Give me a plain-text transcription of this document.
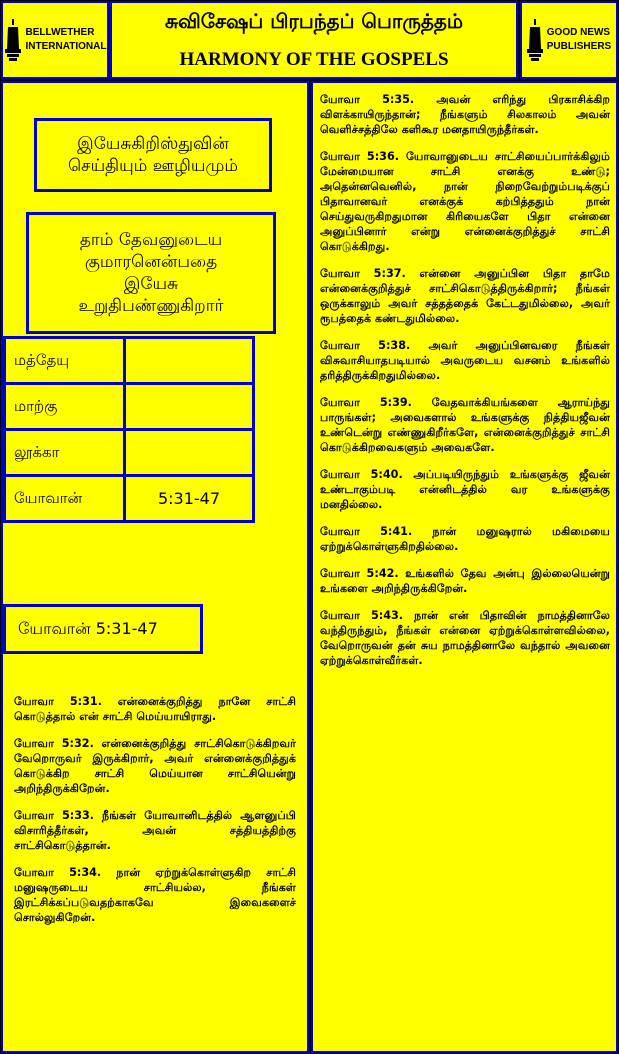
BELLWETHER
INTERNATIONAL
சுவிசேஷப் பிரபந்தப் பொருத்தம்
HARMONY OF THE GOSPELS
GOOD NEWS
PUBLISHERS
இயேசுகிறிஸ்துவின்
செய்தியும் ஊழியமும்
தாம் தேவனுடைய
குமாரனென்பதை
இயேசு
உறுதிபண்ணுகிறார்
மத்தேயு	
மாற்கு	
லூக்கா	
யோவான்	5:31-47
யோவான் 5:31-47

யோவா 5:31. என்னைக்குறித்து நானே சாட்சி கொடுத்தால் என் சாட்சி மெய்யாயிராது.

யோவா 5:32. என்னைக்குறித்து சாட்சிகொடுக்கிறவர் வேறொருவர் இருக்கிறார், அவர் என்னைக்குறித்துக் கொடுக்கிற சாட்சி மெய்யான சாட்சியென்று அறிந்திருக்கிறேன்.

யோவா 5:33. நீங்கள் யோவானிடத்தில் ஆளனுப்பி விசாரித்தீர்கள், அவன் சத்தியத்திற்கு சாட்சிகொடுத்தான்.

யோவா 5:34. நான் ஏற்றுக்கொள்ளுகிற சாட்சி மனுஷருடைய சாட்சியல்ல, நீங்கள் இரட்சிக்கப்படுவதற்காகவே இவைகளைச் சொல்லுகிறேன்.

யோவா 5:35. அவன் எரிந்து பிரகாசிக்கிற விளக்காயிருந்தான்; நீங்களும் சிலகாலம் அவன் வெளிச்சத்திலே களிகூர மனதாயிருந்தீர்கள்.

யோவா 5:36. யோவானுடைய சாட்சியைப்பார்க்கிலும் மேன்மையான சாட்சி எனக்கு உண்டு; அதென்னவெனில், நான் நிறைவேற்றும்படிக்குப் பிதாவானவர் எனக்குக் கற்பித்ததும் நான் செய்துவருகிறதுமான கிரியைகளே பிதா என்னை அனுப்பினார் என்று என்னைக்குறித்துச் சாட்சி கொடுக்கிறது.

யோவா 5:37. என்னை அனுப்பின பிதா தாமே என்னைக்குறித்துச் சாட்சிகொடுத்திருக்கிறார்; நீங்கள் ஒருக்காலும் அவர் சத்தத்தைக் கேட்டதுமில்லை, அவர் ரூபத்தைக் கண்டதுமில்லை.

யோவா 5:38. அவர் அனுப்பினவரை நீங்கள் விசுவாசியாதபடியால் அவருடைய வசனம் உங்களில் தரித்திருக்கிறதுமில்லை.

யோவா 5:39. வேதவாக்கியங்களை ஆராய்ந்து பாருங்கள்; அவைகளால் உங்களுக்கு நித்தியஜீவன் உண்டென்று எண்ணுகிறீர்களே, என்னைக்குறித்துச் சாட்சி கொடுக்கிறவைகளும் அவைகளே.

யோவா 5:40. அப்படியிருந்தும் உங்களுக்கு ஜீவன் உண்டாகும்படி என்னிடத்தில் வர உங்களுக்கு மனதில்லை.

யோவா 5:41. நான் மனுஷரால் மகிமையை ஏற்றுக்கொள்ளுகிறதில்லை.

யோவா 5:42. உங்களில் தேவ அன்பு இல்லையென்று உங்களை அறிந்திருக்கிறேன்.

யோவா 5:43. நான் என் பிதாவின் நாமத்தினாலே வந்திருந்தும், நீங்கள் என்னை ஏற்றுக்கொள்ளவில்லை, வேறொருவன் தன் சுய நாமத்தினாலே வந்தால் அவனை ஏற்றுக்கொள்வீர்கள்.
